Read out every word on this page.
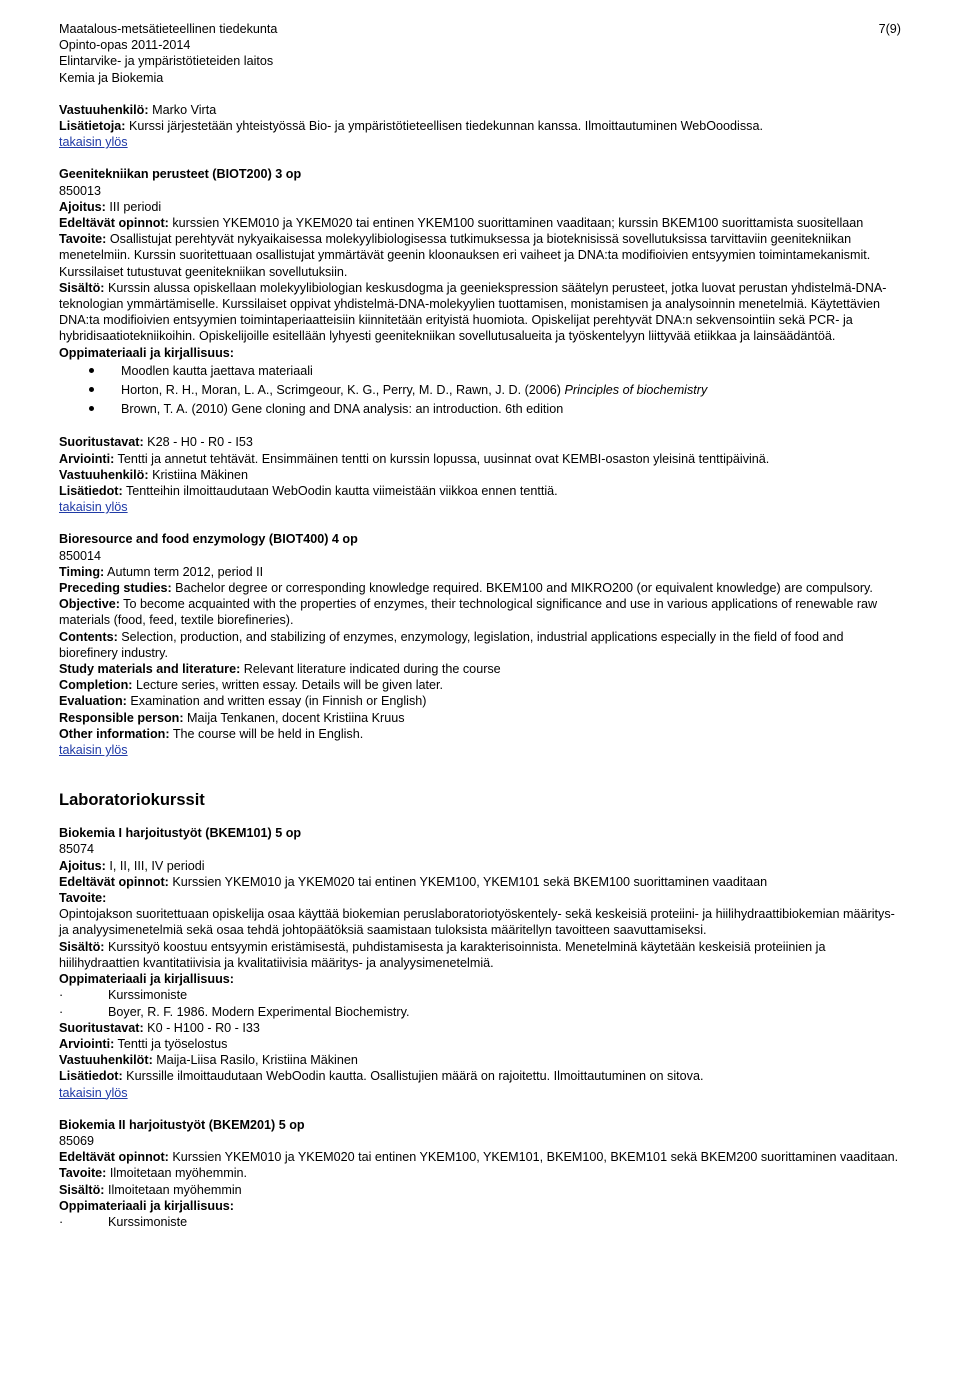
7(9)
Maatalous-metsätieteellinen tiedekunta
Opinto-opas 2011-2014
Elintarvike- ja ympäristötieteiden laitos
Kemia ja Biokemia

Vastuuhenkilö: Marko Virta

Lisätietoja: Kurssi järjestetään yhteistyössä Bio- ja ympäristötieteellisen tiedekunnan kanssa. Ilmoittautuminen WebOoodissa.

takaisin ylös

Geenitekniikan perusteet (BIOT200) 3 op

850013

Ajoitus: III periodi

Edeltävät opinnot: kurssien YKEM010 ja YKEM020 tai entinen YKEM100 suorittaminen vaaditaan; kurssin BKEM100 suorittamista suositellaan

Tavoite: Osallistujat perehtyvät nykyaikaisessa molekyylibiologisessa tutkimuksessa ja bioteknisissä sovellutuksissa tarvittaviin geenitekniikan menetelmiin. Kurssin suoritettuaan osallistujat ymmärtävät geenin kloonauksen eri vaiheet ja DNA:ta modifioivien entsyymien toimintamekanismit. Kurssilaiset tutustuvat geenitekniikan sovellutuksiin.

Sisältö: Kurssin alussa opiskellaan molekyylibiologian keskusdogma ja geeniekspression säätelyn perusteet, jotka luovat perustan yhdistelmä-DNA-teknologian ymmärtämiselle. Kurssilaiset oppivat yhdistelmä-DNA-molekyylien tuottamisen, monistamisen ja analysoinnin menetelmiä. Käytettävien DNA:ta modifioivien entsyymien toimintaperiaatteisiin kiinnitetään erityistä huomiota. Opiskelijat perehtyvät DNA:n sekvensointiin sekä PCR- ja hybridisaatiotekniikoihin. Opiskelijoille esitellään lyhyesti geenitekniikan sovellutusalueita ja työskentelyyn liittyvää etiikkaa ja lainsäädäntöä.

Oppimateriaali ja kirjallisuus:

Moodlen kautta jaettava materiaali
Horton, R. H., Moran, L. A., Scrimgeour, K. G., Perry, M. D., Rawn, J. D. (2006) Principles of biochemistry
Brown, T. A. (2010) Gene cloning and DNA analysis: an introduction. 6th edition

Suoritustavat: K28 - H0 - R0 - I53

Arviointi: Tentti ja annetut tehtävät. Ensimmäinen tentti on kurssin lopussa, uusinnat ovat KEMBI-osaston yleisinä tenttipäivinä.

Vastuuhenkilö: Kristiina Mäkinen

Lisätiedot: Tentteihin ilmoittaudutaan WebOodin kautta viimeistään viikkoa ennen tenttiä.

takaisin ylös

Bioresource and food enzymology (BIOT400) 4 op

850014

Timing: Autumn term 2012, period II

Preceding studies: Bachelor degree or corresponding knowledge required. BKEM100 and MIKRO200 (or equivalent knowledge) are compulsory.

Objective: To become acquainted with the properties of enzymes, their technological significance and use in various applications of renewable raw materials (food, feed, textile biorefineries).

Contents: Selection, production, and stabilizing of enzymes, enzymology, legislation, industrial applications especially in the field of food and biorefinery industry.

Study materials and literature: Relevant literature indicated during the course

Completion: Lecture series, written essay. Details will be given later.

Evaluation: Examination and written essay (in Finnish or English)

Responsible person: Maija Tenkanen, docent Kristiina Kruus

Other information: The course will be held in English.

takaisin ylös

Laboratoriokurssit

Biokemia I harjoitustyöt (BKEM101) 5 op

85074

Ajoitus: I, II, III, IV periodi

Edeltävät opinnot: Kurssien YKEM010 ja YKEM020 tai entinen YKEM100, YKEM101 sekä BKEM100 suorittaminen vaaditaan

Tavoite:

Opintojakson suoritettuaan opiskelija osaa käyttää biokemian peruslaboratoriotyöskentely- sekä keskeisiä proteiini- ja hiilihydraattibiokemian määritys- ja analyysimenetelmiä sekä osaa tehdä johtopäätöksiä saamistaan tuloksista määritellyn tavoitteen saavuttamiseksi.

Sisältö: Kurssityö koostuu entsyymin eristämisestä, puhdistamisesta ja karakterisoinnista. Menetelminä käytetään keskeisiä proteiinien ja hiilihydraattien kvantitatiivisia ja kvalitatiivisia määritys- ja analyysimenetelmiä.

Oppimateriaali ja kirjallisuus:

· Kurssimoniste
· Boyer, R. F. 1986. Modern Experimental Biochemistry.

Suoritustavat: K0 - H100 - R0 - I33

Arviointi: Tentti ja työselostus

Vastuuhenkilöt: Maija-Liisa Rasilo, Kristiina Mäkinen

Lisätiedot: Kurssille ilmoittaudutaan WebOodin kautta. Osallistujien määrä on rajoitettu. Ilmoittautuminen on sitova.

takaisin ylös

Biokemia II harjoitustyöt (BKEM201) 5 op

85069

Edeltävät opinnot: Kurssien YKEM010 ja YKEM020 tai entinen YKEM100, YKEM101, BKEM100, BKEM101 sekä BKEM200 suorittaminen vaaditaan.

Tavoite: Ilmoitetaan myöhemmin.

Sisältö: Ilmoitetaan myöhemmin

Oppimateriaali ja kirjallisuus:

· Kurssimoniste
